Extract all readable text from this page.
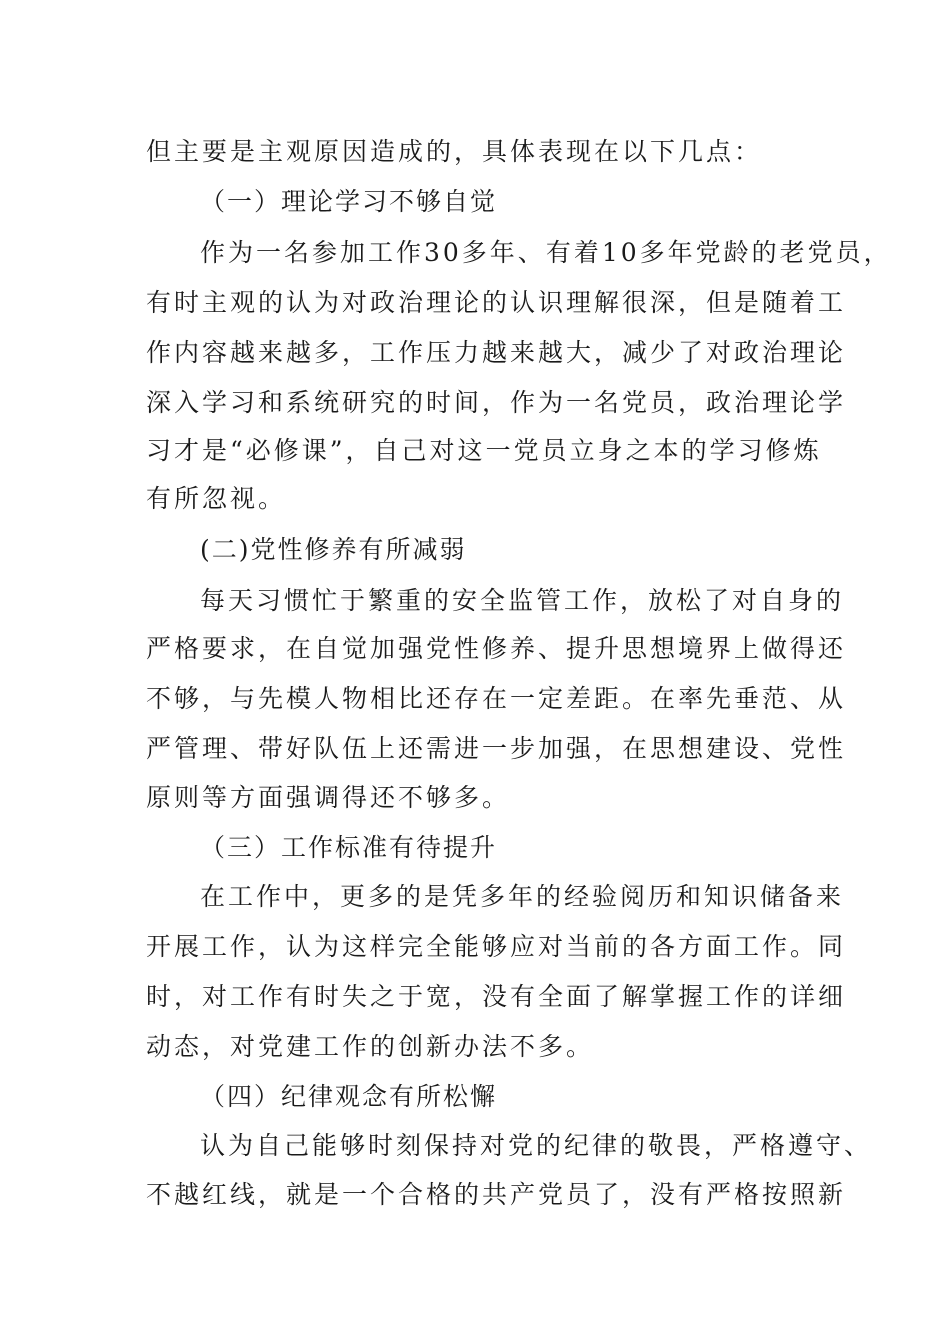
但主要是主观原因造成的，具体表现在以下几点：
（一）理论学习不够自觉
作为一名参加工作30多年、有着10多年党龄的老党员，
有时主观的认为对政治理论的认识理解很深，但是随着工
作内容越来越多，工作压力越来越大，减少了对政治理论
深入学习和系统研究的时间，作为一名党员，政治理论学
习才是“必修课”，自己对这一党员立身之本的学习修炼
有所忽视。
(二)党性修养有所减弱
每天习惯忙于繁重的安全监管工作，放松了对自身的
严格要求，在自觉加强党性修养、提升思想境界上做得还
不够，与先模人物相比还存在一定差距。在率先垂范、从
严管理、带好队伍上还需进一步加强，在思想建设、党性
原则等方面强调得还不够多。
（三）工作标准有待提升
在工作中，更多的是凭多年的经验阅历和知识储备来
开展工作，认为这样完全能够应对当前的各方面工作。同
时，对工作有时失之于宽，没有全面了解掌握工作的详细
动态，对党建工作的创新办法不多。
（四）纪律观念有所松懈
认为自己能够时刻保持对党的纪律的敬畏，严格遵守、
不越红线，就是一个合格的共产党员了，没有严格按照新
